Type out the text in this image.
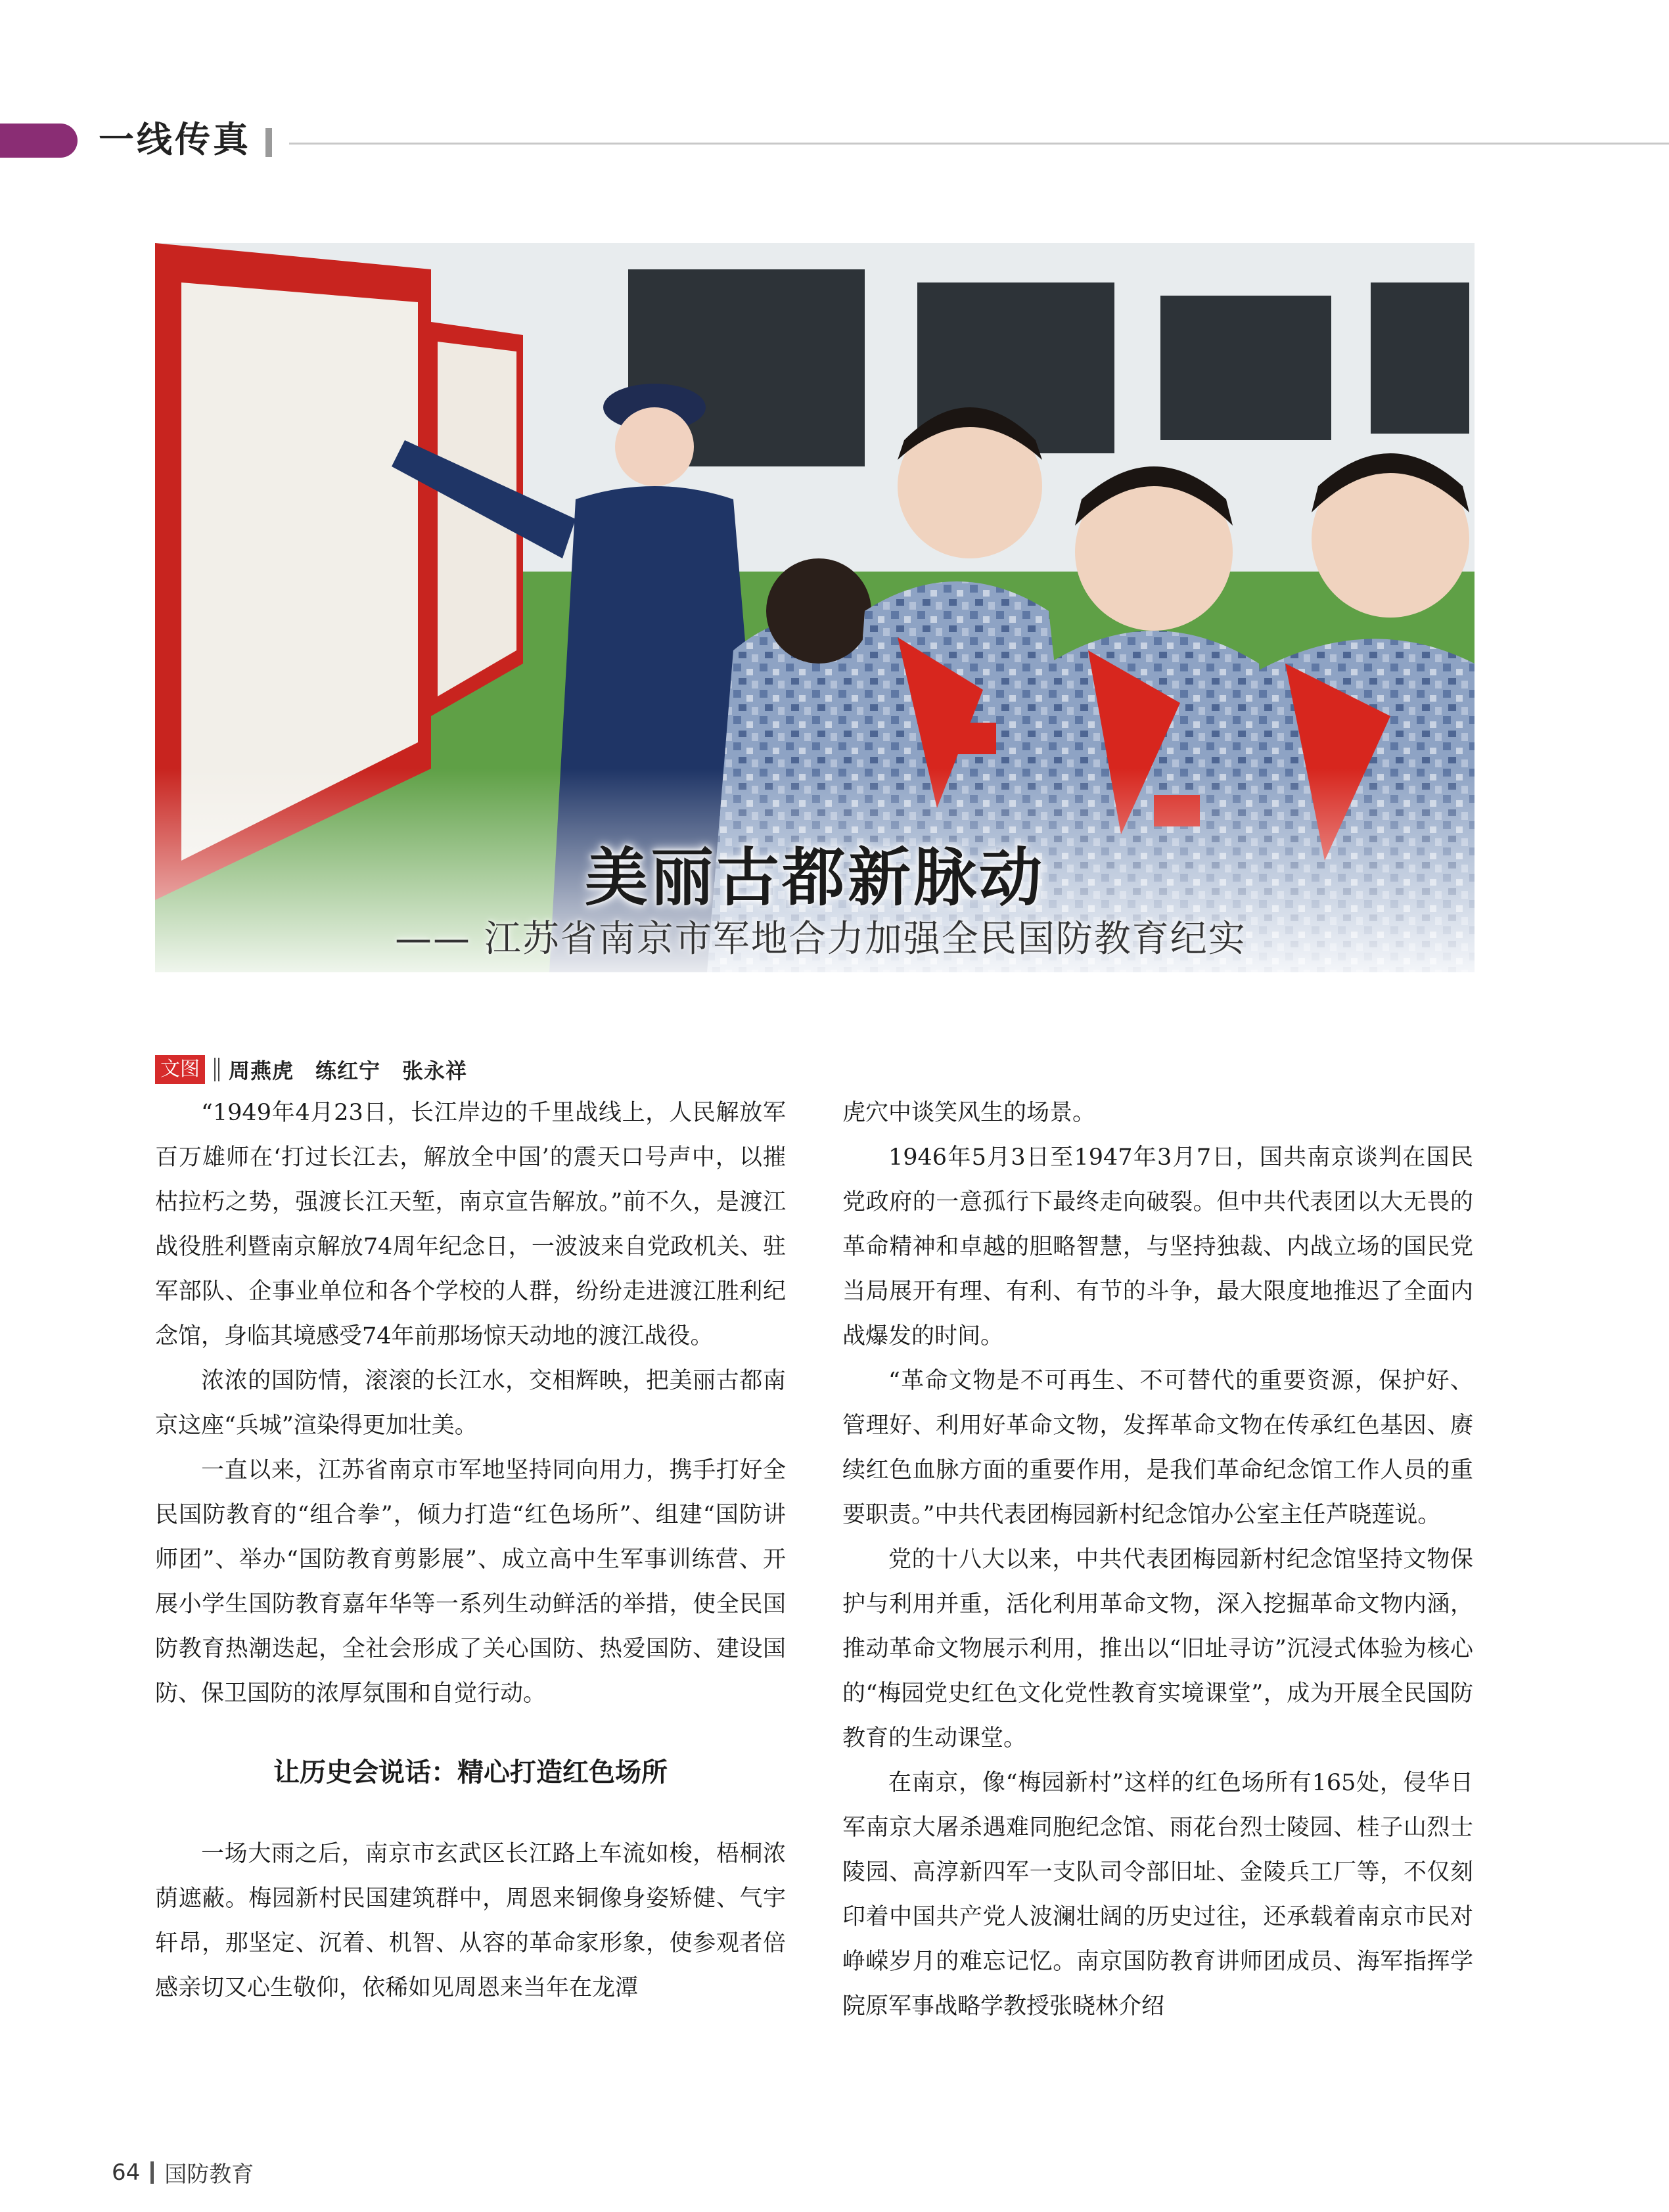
一线传真
美丽古都新脉动
—— 江苏省南京市军地合力加强全民国防教育纪实
文图 周燕虎　练红宁　张永祥

“1949年4月23日，长江岸边的千里战线上，人民解放军百万雄师在‘打过长江去，解放全中国’的震天口号声中，以摧枯拉朽之势，强渡长江天堑，南京宣告解放。”前不久，是渡江战役胜利暨南京解放74周年纪念日，一波波来自党政机关、驻军部队、企事业单位和各个学校的人群，纷纷走进渡江胜利纪念馆，身临其境感受74年前那场惊天动地的渡江战役。

浓浓的国防情，滚滚的长江水，交相辉映，把美丽古都南京这座“兵城”渲染得更加壮美。

一直以来，江苏省南京市军地坚持同向用力，携手打好全民国防教育的“组合拳”，倾力打造“红色场所”、组建“国防讲师团”、举办“国防教育剪影展”、成立高中生军事训练营、开展小学生国防教育嘉年华等一系列生动鲜活的举措，使全民国防教育热潮迭起，全社会形成了关心国防、热爱国防、建设国防、保卫国防的浓厚氛围和自觉行动。

让历史会说话：精心打造红色场所

一场大雨之后，南京市玄武区长江路上车流如梭，梧桐浓荫遮蔽。梅园新村民国建筑群中，周恩来铜像身姿矫健、气宇轩昂，那坚定、沉着、机智、从容的革命家形象，使参观者倍感亲切又心生敬仰，依稀如见周恩来当年在龙潭

虎穴中谈笑风生的场景。

1946年5月3日至1947年3月7日，国共南京谈判在国民党政府的一意孤行下最终走向破裂。但中共代表团以大无畏的革命精神和卓越的胆略智慧，与坚持独裁、内战立场的国民党当局展开有理、有利、有节的斗争，最大限度地推迟了全面内战爆发的时间。

“革命文物是不可再生、不可替代的重要资源，保护好、管理好、利用好革命文物，发挥革命文物在传承红色基因、赓续红色血脉方面的重要作用，是我们革命纪念馆工作人员的重要职责。”中共代表团梅园新村纪念馆办公室主任芦晓莲说。

党的十八大以来，中共代表团梅园新村纪念馆坚持文物保护与利用并重，活化利用革命文物，深入挖掘革命文物内涵，推动革命文物展示利用，推出以“旧址寻访”沉浸式体验为核心的“梅园党史红色文化党性教育实境课堂”，成为开展全民国防教育的生动课堂。

在南京，像“梅园新村”这样的红色场所有165处，侵华日军南京大屠杀遇难同胞纪念馆、雨花台烈士陵园、桂子山烈士陵园、高淳新四军一支队司令部旧址、金陵兵工厂等，不仅刻印着中国共产党人波澜壮阔的历史过往，还承载着南京市民对峥嵘岁月的难忘记忆。南京国防教育讲师团成员、海军指挥学院原军事战略学教授张晓林介绍

64 国防教育
